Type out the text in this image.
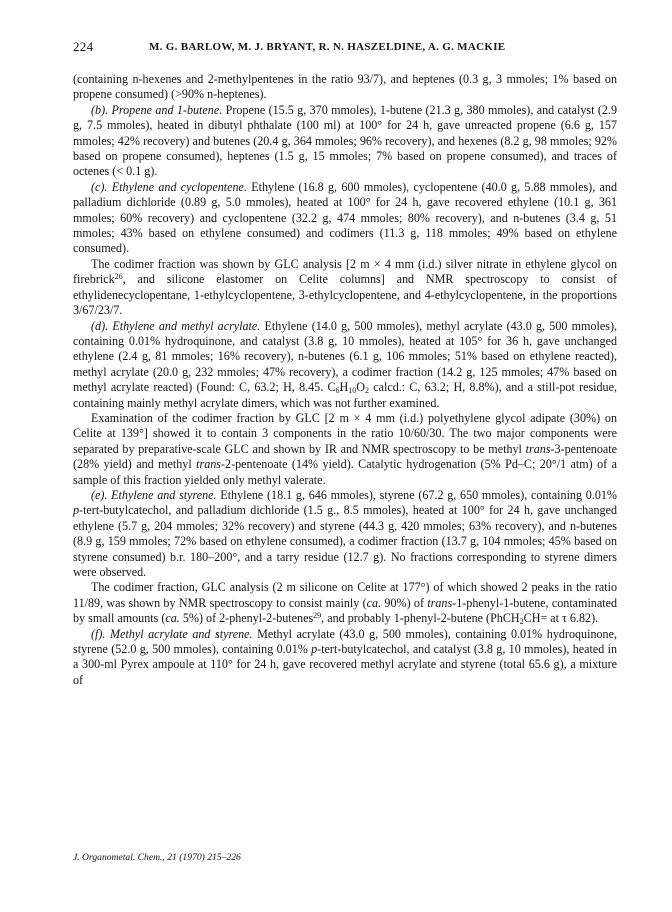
224	M. G. BARLOW, M. J. BRYANT, R. N. HASZELDINE, A. G. MACKIE

(containing n-hexenes and 2-methylpentenes in the ratio 93/7), and heptenes (0.3 g, 3 mmoles; 1% based on propene consumed) (>90% n-heptenes).

(b). Propene and 1-butene. Propene (15.5 g, 370 mmoles), 1-butene (21.3 g, 380 mmoles), and catalyst (2.9 g, 7.5 mmoles), heated in dibutyl phthalate (100 ml) at 100° for 24 h, gave unreacted propene (6.6 g, 157 mmoles; 42% recovery) and butenes (20.4 g, 364 mmoles; 96% recovery), and hexenes (8.2 g, 98 mmoles; 92% based on propene consumed), heptenes (1.5 g, 15 mmoles; 7% based on propene consumed), and traces of octenes (< 0.1 g).

(c). Ethylene and cyclopentene. Ethylene (16.8 g, 600 mmoles), cyclopentene (40.0 g, 5.88 mmoles), and palladium dichloride (0.89 g, 5.0 mmoles), heated at 100° for 24 h, gave recovered ethylene (10.1 g, 361 mmoles; 60% recovery) and cyclopentene (32.2 g, 474 mmoles; 80% recovery), and n-butenes (3.4 g, 51 mmoles; 43% based on ethylene consumed) and codimers (11.3 g, 118 mmoles; 49% based on ethylene consumed).

The codimer fraction was shown by GLC analysis [2 m × 4 mm (i.d.) silver nitrate in ethylene glycol on firebrick$^{26}$, and silicone elastomer on Celite columns] and NMR spectroscopy to consist of ethylidenecyclopentane, 1-ethylcyclopentene, 3-ethylcyclopentene, and 4-ethylcyclopentene, in the proportions 3/67/23/7.

(d). Ethylene and methyl acrylate. Ethylene (14.0 g, 500 mmoles), methyl acrylate (43.0 g, 500 mmoles), containing 0.01% hydroquinone, and catalyst (3.8 g, 10 mmoles), heated at 105° for 36 h, gave unchanged ethylene (2.4 g, 81 mmoles; 16% recovery), n-butenes (6.1 g, 106 mmoles; 51% based on ethylene reacted), methyl acrylate (20.0 g, 232 mmoles; 47% recovery), a codimer fraction (14.2 g, 125 mmoles; 47% based on methyl acrylate reacted) (Found: C, 63.2; H, 8.45. $C_6H_{10}O_2$ calcd.: C, 63.2; H, 8.8%), and a still-pot residue, containing mainly methyl acrylate dimers, which was not further examined.

Examination of the codimer fraction by GLC [2 m × 4 mm (i.d.) polyethylene glycol adipate (30%) on Celite at 139°] showed it to contain 3 components in the ratio 10/60/30. The two major components were separated by preparative-scale GLC and shown by IR and NMR spectroscopy to be methyl trans-3-pentenoate (28% yield) and methyl trans-2-pentenoate (14% yield). Catalytic hydrogenation (5% Pd–C; 20°/1 atm) of a sample of this fraction yielded only methyl valerate.

(e). Ethylene and styrene. Ethylene (18.1 g, 646 mmoles), styrene (67.2 g, 650 mmoles), containing 0.01% p-tert-butylcatechol, and palladium dichloride (1.5 g., 8.5 mmoles), heated at 100° for 24 h, gave unchanged ethylene (5.7 g, 204 mmoles; 32% recovery) and styrene (44.3 g, 420 mmoles; 63% recovery), and n-butenes (8.9 g, 159 mmoles; 72% based on ethylene consumed), a codimer fraction (13.7 g, 104 mmoles; 45% based on styrene consumed) b.r. 180–200°, and a tarry residue (12.7 g). No fractions corresponding to styrene dimers were observed.

The codimer fraction, GLC analysis (2 m silicone on Celite at 177°) of which showed 2 peaks in the ratio 11/89, was shown by NMR spectroscopy to consist mainly (ca. 90%) of trans-1-phenyl-1-butene, contaminated by small amounts (ca. 5%) of 2-phenyl-2-butenes$^{29}$, and probably 1-phenyl-2-butene (PhCH$_2$CH= at τ 6.82).

(f). Methyl acrylate and styrene. Methyl acrylate (43.0 g, 500 mmoles), containing 0.01% hydroquinone, styrene (52.0 g, 500 mmoles), containing 0.01% p-tert-butylcatechol, and catalyst (3.8 g, 10 mmoles), heated in a 300-ml Pyrex ampoule at 110° for 24 h, gave recovered methyl acrylate and styrene (total 65.6 g), a mixture of

J. Organometal. Chem., 21 (1970) 215–226
